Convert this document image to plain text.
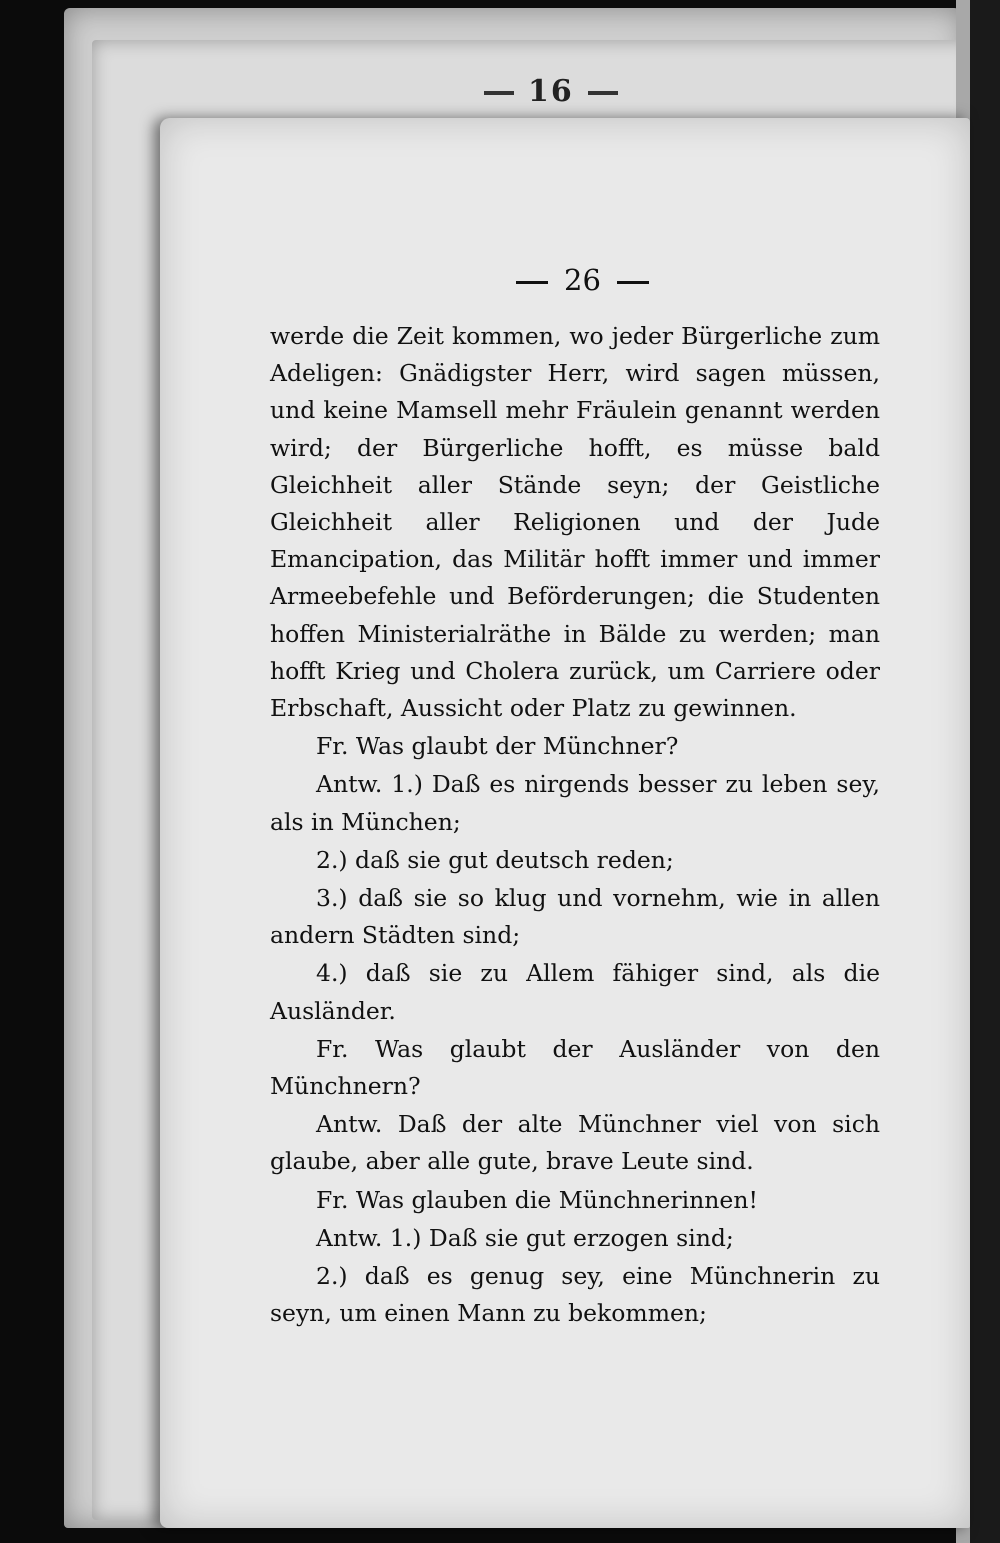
16
26

werde die Zeit kommen, wo jeder Bürgerliche zum Adeligen: Gnädigster Herr, wird sagen müssen, und keine Mamsell mehr Fräulein genannt werden wird; der Bürgerliche hofft, es müsse bald Gleichheit aller Stände seyn; der Geistliche Gleichheit aller Religionen und der Jude Emancipation, das Militär hofft immer und immer Armeebefehle und Beförderungen; die Studenten hoffen Ministerialräthe in Bälde zu werden; man hofft Krieg und Cholera zurück, um Carriere oder Erbschaft, Aussicht oder Platz zu gewinnen.

Fr. Was glaubt der Münchner?

Antw. 1.) Daß es nirgends besser zu leben sey, als in München;

2.) daß sie gut deutsch reden;

3.) daß sie so klug und vornehm, wie in allen andern Städten sind;

4.) daß sie zu Allem fähiger sind, als die Ausländer.

Fr. Was glaubt der Ausländer von den Münchnern?

Antw. Daß der alte Münchner viel von sich glaube, aber alle gute, brave Leute sind.

Fr. Was glauben die Münchnerinnen!

Antw. 1.) Daß sie gut erzogen sind;

2.) daß es genug sey, eine Münchnerin zu seyn, um einen Mann zu bekommen;
